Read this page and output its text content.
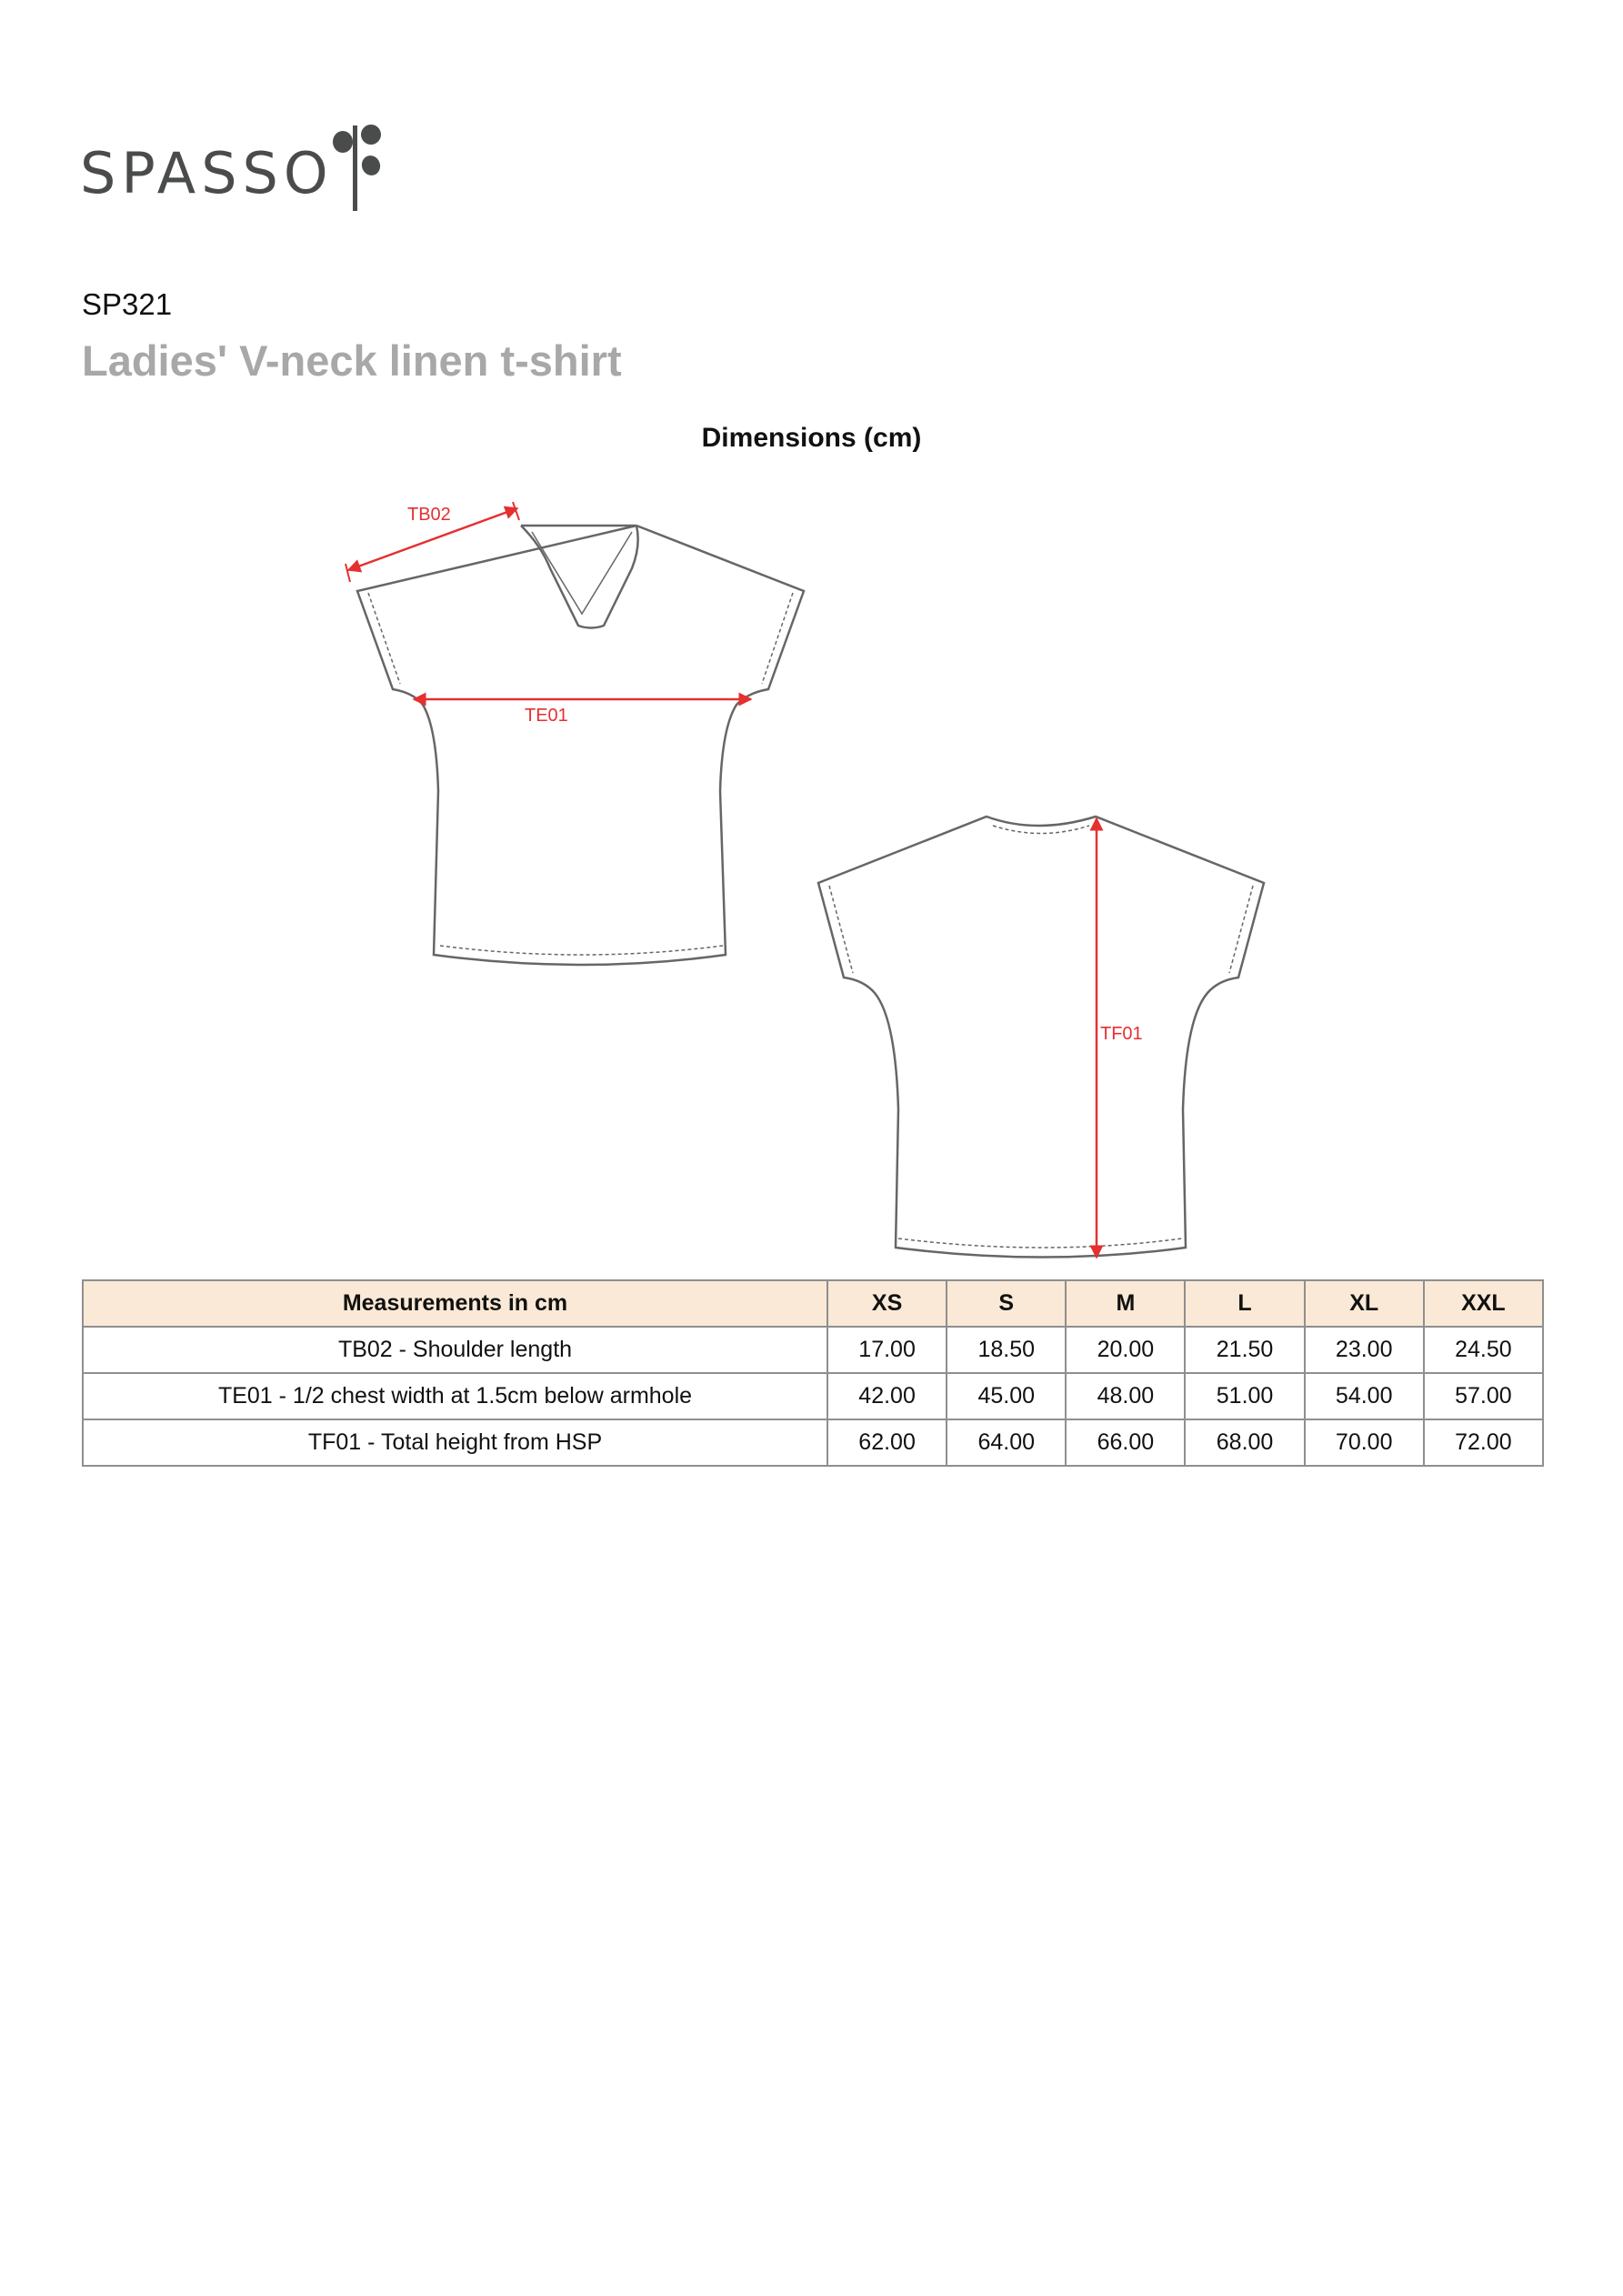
SPASSO
SP321
Ladies' V-neck linen t-shirt
Dimensions (cm)
TB02
TE01
TF01
Measurements in cm	XS	S	M	L	XL	XXL
TB02 - Shoulder length	17.00	18.50	20.00	21.50	23.00	24.50
TE01 - 1/2 chest width at 1.5cm below armhole	42.00	45.00	48.00	51.00	54.00	57.00
TF01 - Total height from HSP	62.00	64.00	66.00	68.00	70.00	72.00
